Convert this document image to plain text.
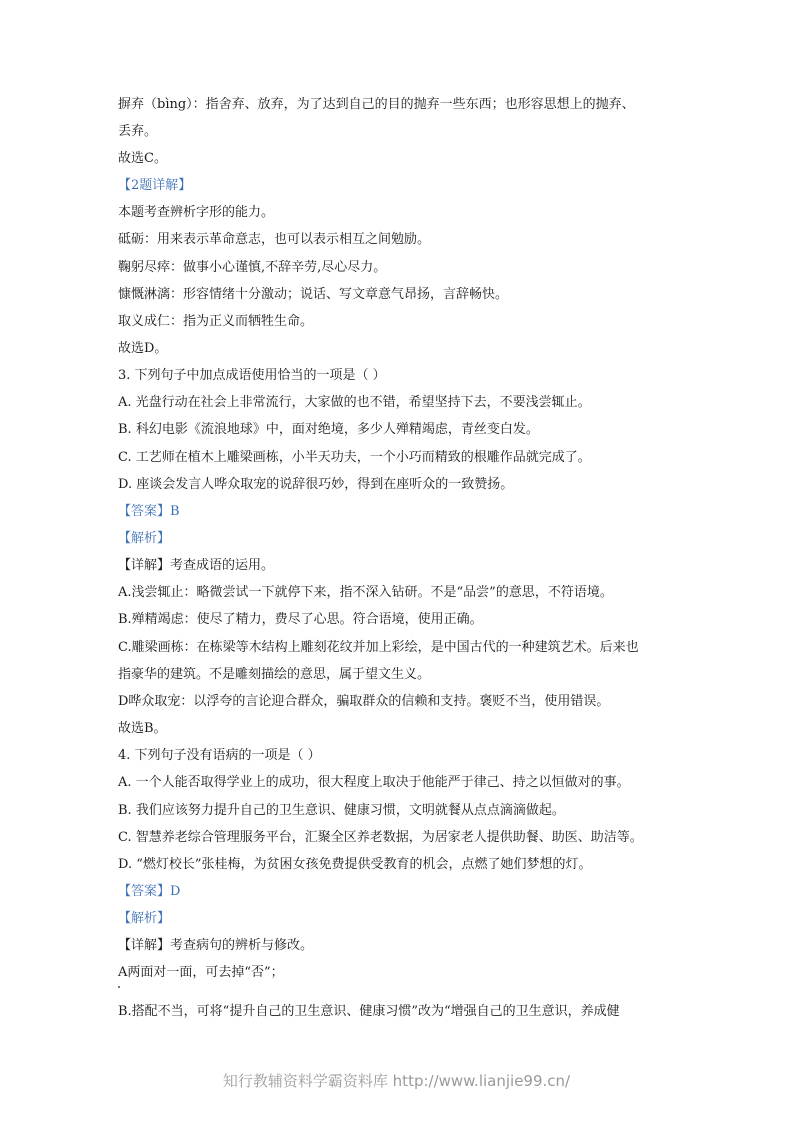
摒弃（bìng）：指舍弃、放弃，为了达到自己的目的抛弃一些东西；也形容思想上的抛弃、
丢弃。
故选C。
【2题详解】
本题考查辨析字形的能力。
砥砺：用来表示革命意志，也可以表示相互之间勉励。
鞠躬尽瘁：做事小心谨慎,不辞辛劳,尽心尽力。
慷慨淋漓：形容情绪十分激动；说话、写文章意气昂扬，言辞畅快。
取义成仁：指为正义而牺牲生命。
故选D。
3. 下列句子中加点成语使用恰当的一项是（ ）
A. 光盘行动在社会上非常流行，大家做的也不错，希望坚持下去，不要浅尝辄止。
B. 科幻电影《流浪地球》中，面对绝境，多少人殚精竭虑，青丝变白发。
C. 工艺师在植木上雕梁画栋，小半天功夫，一个小巧而精致的根雕作品就完成了。
D. 座谈会发言人哗众取宠的说辞很巧妙，得到在座听众的一致赞扬。
【答案】B
【解析】
【详解】考查成语的运用。
A.浅尝辄止：略微尝试一下就停下来，指不深入钻研。不是“品尝”的意思，不符语境。
B.殚精竭虑：使尽了精力，费尽了心思。符合语境，使用正确。
C.雕梁画栋：在栋梁等木结构上雕刻花纹并加上彩绘，是中国古代的一种建筑艺术。后来也
指豪华的建筑。不是雕刻描绘的意思，属于望文生义。
D哗众取宠：以浮夸的言论迎合群众，骗取群众的信赖和支持。褒贬不当，使用错误。
故选B。
4. 下列句子没有语病的一项是（ ）
A. 一个人能否取得学业上的成功，很大程度上取决于他能严于律己、持之以恒做对的事。
B. 我们应该努力提升自己的卫生意识、健康习惯，文明就餐从点点滴滴做起。
C. 智慧养老综合管理服务平台，汇聚全区养老数据，为居家老人提供助餐、助医、助洁等。
D. “燃灯校长”张桂梅，为贫困女孩免费提供受教育的机会，点燃了她们梦想的灯。
【答案】D
【解析】
【详解】考查病句的辨析与修改。
A两面对一面，可去掉“否”；
B.搭配不当，可将“提升自己的卫生意识、健康习惯”改为“增强自己的卫生意识，养成健
知行教辅资料学霸资料库 http://www.lianjie99.cn/
